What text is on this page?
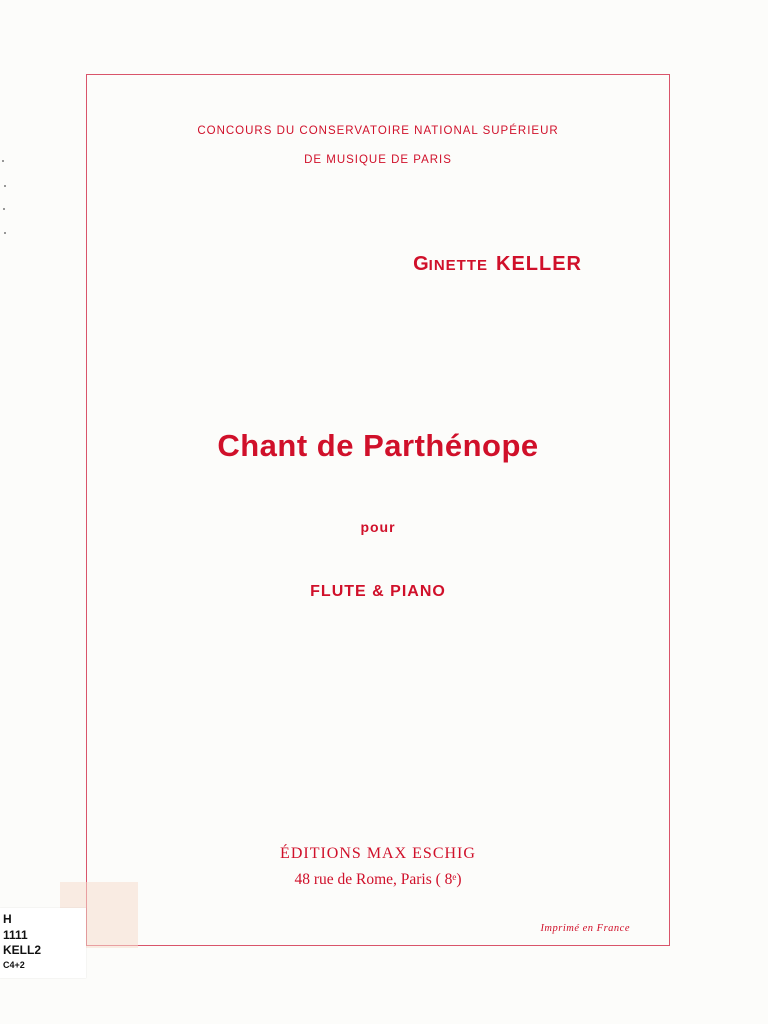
CONCOURS DU CONSERVATOIRE NATIONAL SUPÉRIEUR
DE MUSIQUE DE PARIS
GINETTE KELLER
Chant de Parthénope
pour
FLUTE & PIANO
ÉDITIONS MAX ESCHIG
48 rue de Rome, Paris ( 8ᵉ)
Imprimé en France
H
1111
KELL2
C4+2
